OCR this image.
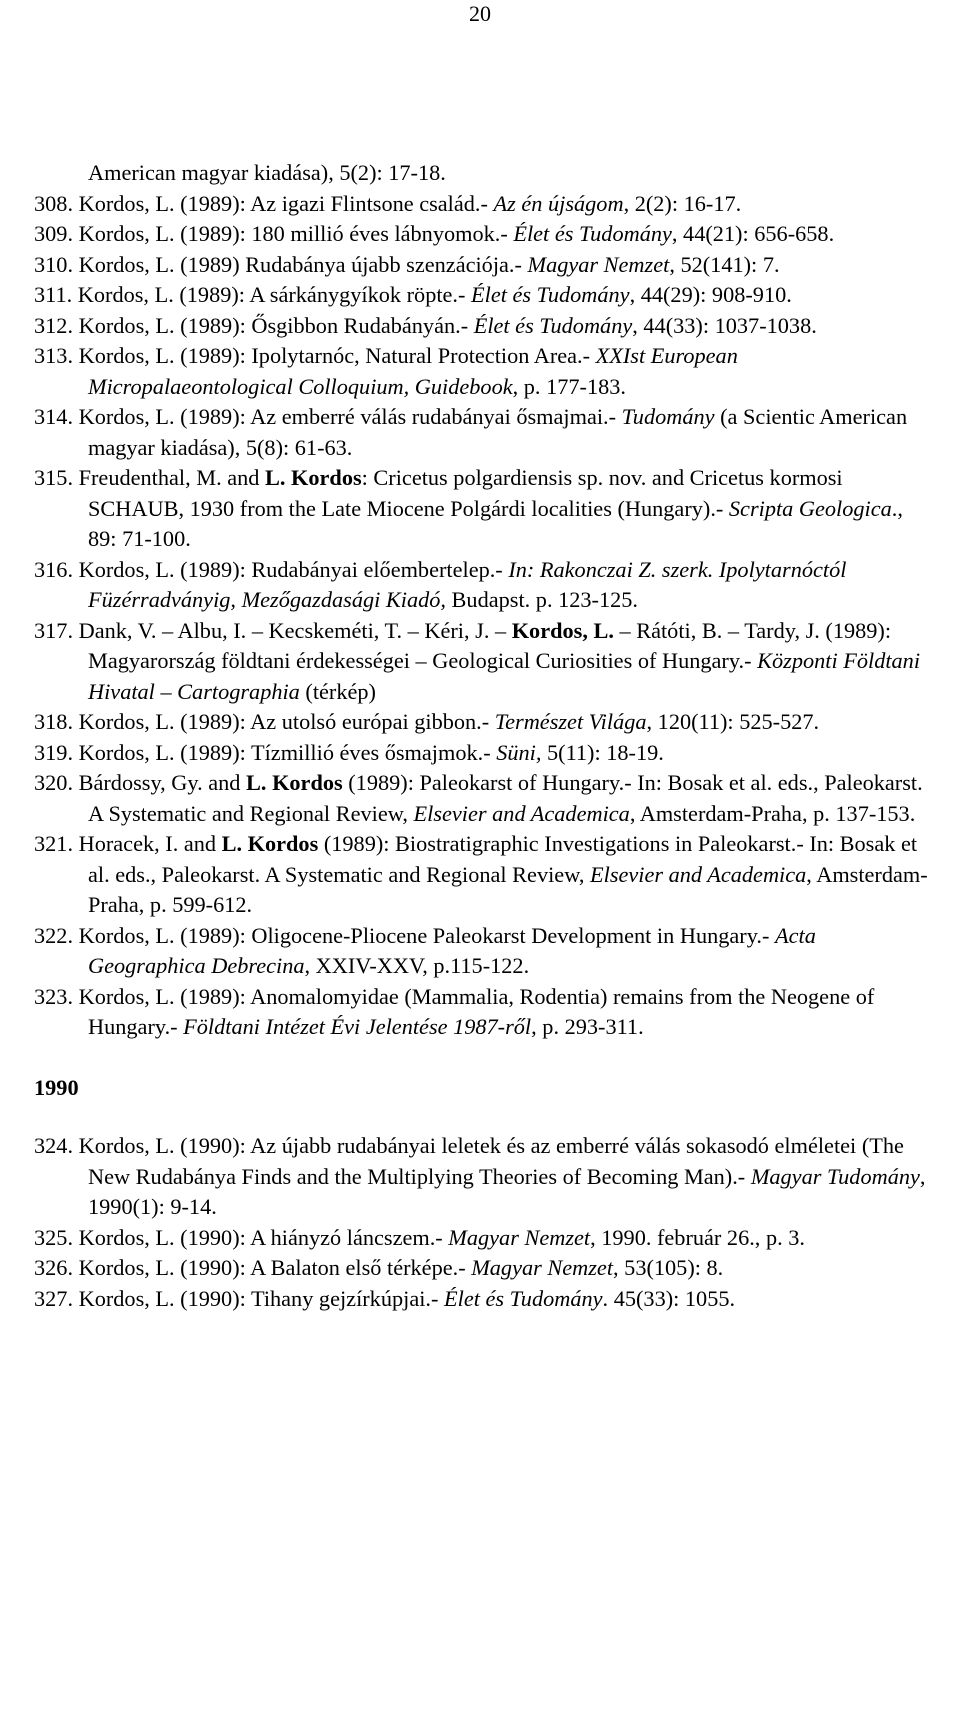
20
American magyar kiadása), 5(2): 17-18.
308. Kordos, L. (1989): Az igazi Flintsone család.- Az én újságom, 2(2): 16-17.
309. Kordos, L. (1989): 180 millió éves lábnyomok.- Élet és Tudomány, 44(21): 656-658.
310. Kordos, L. (1989) Rudabánya újabb szenzációja.- Magyar Nemzet, 52(141): 7.
311. Kordos, L. (1989): A sárkánygyíkok röpte.- Élet és Tudomány, 44(29): 908-910.
312. Kordos, L. (1989): Ősgibbon Rudabányán.- Élet és Tudomány, 44(33): 1037-1038.
313. Kordos, L. (1989): Ipolytarnóc, Natural Protection Area.- XXIst European Micropalaeontological Colloquium, Guidebook, p. 177-183.
314. Kordos, L. (1989): Az emberré válás rudabányai ősmajmai.- Tudomány (a Scientic American magyar kiadása), 5(8): 61-63.
315. Freudenthal, M. and L. Kordos: Cricetus polgardiensis sp. nov. and Cricetus kormosi SCHAUB, 1930 from the Late Miocene Polgárdi localities (Hungary).- Scripta Geologica., 89: 71-100.
316. Kordos, L. (1989): Rudabányai előembertelep.- In: Rakonczai Z. szerk. Ipolytarnóctól Füzérradványig, Mezőgazdasági Kiadó, Budapst. p. 123-125.
317. Dank, V. – Albu, I. – Kecskeméti, T. – Kéri, J. – Kordos, L. – Rátóti, B. – Tardy, J. (1989): Magyarország földtani érdekességei – Geological Curiosities of Hungary.- Központi Földtani Hivatal – Cartographia (térkép)
318. Kordos, L. (1989): Az utolsó európai gibbon.- Természet Világa, 120(11): 525-527.
319. Kordos, L. (1989): Tízmillió éves ősmajmok.- Süni, 5(11): 18-19.
320. Bárdossy, Gy. and L. Kordos (1989): Paleokarst of Hungary.- In: Bosak et al. eds., Paleokarst. A Systematic and Regional Review, Elsevier and Academica, Amsterdam-Praha, p. 137-153.
321. Horacek, I. and L. Kordos (1989): Biostratigraphic Investigations in Paleokarst.- In: Bosak et al. eds., Paleokarst. A Systematic and Regional Review, Elsevier and Academica, Amsterdam-Praha, p. 599-612.
322. Kordos, L. (1989): Oligocene-Pliocene Paleokarst Development in Hungary.- Acta Geographica Debrecina, XXIV-XXV, p.115-122.
323. Kordos, L. (1989): Anomalomyidae (Mammalia, Rodentia) remains from the Neogene of Hungary.- Földtani Intézet Évi Jelentése 1987-ről, p. 293-311.
1990
324. Kordos, L. (1990): Az újabb rudabányai leletek és az emberré válás sokasodó elméletei (The New Rudabánya Finds and the Multiplying Theories of Becoming Man).- Magyar Tudomány, 1990(1): 9-14.
325. Kordos, L. (1990): A hiányzó láncszem.- Magyar Nemzet, 1990. február 26., p. 3.
326. Kordos, L. (1990): A Balaton első térképe.- Magyar Nemzet, 53(105): 8.
327. Kordos, L. (1990): Tihany gejzírkúpjai.- Élet és Tudomány. 45(33): 1055.
